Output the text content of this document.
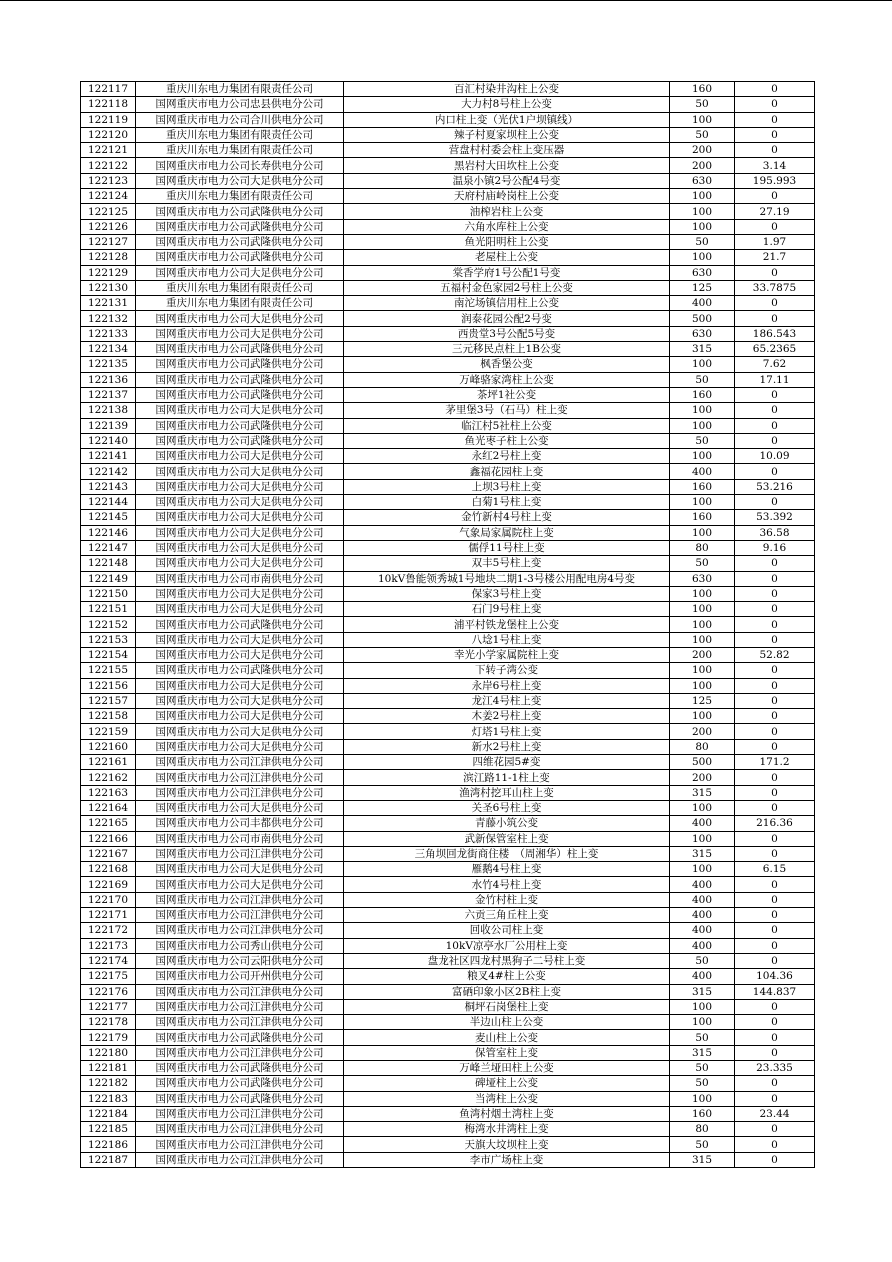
122117	重庆川东电力集团有限责任公司	百汇村染井沟柱上公变	160	0
122118	国网重庆市电力公司忠县供电分公司	大力村8号柱上公变	50	0
122119	国网重庆市电力公司合川供电分公司	内口柱上变（光伏1户坝镇线）	100	0
122120	重庆川东电力集团有限责任公司	辣子村夏家坝柱上公变	50	0
122121	重庆川东电力集团有限责任公司	营盘村村委会柱上变压器	200	0
122122	国网重庆市电力公司长寿供电分公司	黑岩村大田坎柱上公变	200	3.14
122123	国网重庆市电力公司大足供电分公司	温泉小镇2号公配4号变	630	195.993
122124	重庆川东电力集团有限责任公司	天府村庙岭岗柱上公变	100	0
122125	国网重庆市电力公司武隆供电分公司	油榨岩柱上公变	100	27.19
122126	国网重庆市电力公司武隆供电分公司	六角水库柱上公变	100	0
122127	国网重庆市电力公司武隆供电分公司	鱼光阳明柱上公变	50	1.97
122128	国网重庆市电力公司武隆供电分公司	老屋柱上公变	100	21.7
122129	国网重庆市电力公司大足供电分公司	棠香学府1号公配1号变	630	0
122130	重庆川东电力集团有限责任公司	五福村金色家园2号柱上公变	125	33.7875
122131	重庆川东电力集团有限责任公司	南沱场镇信用柱上公变	400	0
122132	国网重庆市电力公司大足供电分公司	润泰花园公配2号变	500	0
122133	国网重庆市电力公司大足供电分公司	西贵堂3号公配5号变	630	186.543
122134	国网重庆市电力公司武隆供电分公司	三元移民点柱上1B公变	315	65.2365
122135	国网重庆市电力公司武隆供电分公司	枫香堡公变	100	7.62
122136	国网重庆市电力公司武隆供电分公司	万峰骆家湾柱上公变	50	17.11
122137	国网重庆市电力公司武隆供电分公司	茶坪1社公变	160	0
122138	国网重庆市电力公司大足供电分公司	茅里堡3号（石马）柱上变	100	0
122139	国网重庆市电力公司武隆供电分公司	临江村5社柱上公变	100	0
122140	国网重庆市电力公司武隆供电分公司	鱼光枣子柱上公变	50	0
122141	国网重庆市电力公司大足供电分公司	永红2号柱上变	100	10.09
122142	国网重庆市电力公司大足供电分公司	鑫福花园柱上变	400	0
122143	国网重庆市电力公司大足供电分公司	上坝3号柱上变	160	53.216
122144	国网重庆市电力公司大足供电分公司	白菊1号柱上变	100	0
122145	国网重庆市电力公司大足供电分公司	金竹新村4号柱上变	160	53.392
122146	国网重庆市电力公司大足供电分公司	气象局家属院柱上变	100	36.58
122147	国网重庆市电力公司大足供电分公司	儒俘11号柱上变	80	9.16
122148	国网重庆市电力公司大足供电分公司	双丰5号柱上变	50	0
122149	国网重庆市电力公司市南供电分公司	10kV鲁能领秀城1号地块二期1-3号楼公用配电房4号变	630	0
122150	国网重庆市电力公司大足供电分公司	保家3号柱上变	100	0
122151	国网重庆市电力公司大足供电分公司	石门9号柱上变	100	0
122152	国网重庆市电力公司武隆供电分公司	浦平村铁龙堡柱上公变	100	0
122153	国网重庆市电力公司大足供电分公司	八埝1号柱上变	100	0
122154	国网重庆市电力公司大足供电分公司	幸光小学家属院柱上变	200	52.82
122155	国网重庆市电力公司武隆供电分公司	下转子湾公变	100	0
122156	国网重庆市电力公司大足供电分公司	永岸6号柱上变	100	0
122157	国网重庆市电力公司大足供电分公司	龙江4号柱上变	125	0
122158	国网重庆市电力公司大足供电分公司	木姜2号柱上变	100	0
122159	国网重庆市电力公司大足供电分公司	灯塔1号柱上变	200	0
122160	国网重庆市电力公司大足供电分公司	新水2号柱上变	80	0
122161	国网重庆市电力公司江津供电分公司	四维花园5#变	500	171.2
122162	国网重庆市电力公司江津供电分公司	滨江路11-1柱上变	200	0
122163	国网重庆市电力公司江津供电分公司	渔湾村挖耳山柱上变	315	0
122164	国网重庆市电力公司大足供电分公司	关圣6号柱上变	100	0
122165	国网重庆市电力公司丰都供电分公司	青藤小筑公变	400	216.36
122166	国网重庆市电力公司市南供电分公司	武新保管室柱上变	100	0
122167	国网重庆市电力公司江津供电分公司	三角坝回龙街商住楼　（周湘华）柱上变	315	0
122168	国网重庆市电力公司大足供电分公司	雁鹅4号柱上变	100	6.15
122169	国网重庆市电力公司大足供电分公司	水竹4号柱上变	400	0
122170	国网重庆市电力公司江津供电分公司	金竹村柱上变	400	0
122171	国网重庆市电力公司江津供电分公司	六贡三角丘柱上变	400	0
122172	国网重庆市电力公司江津供电分公司	回收公司柱上变	400	0
122173	国网重庆市电力公司秀山供电分公司	10kV凉亭水厂公用柱上变	400	0
122174	国网重庆市电力公司云阳供电分公司	盘龙社区四龙村黑狗子二号柱上变	50	0
122175	国网重庆市电力公司开州供电分公司	粮叉4#柱上公变	400	104.36
122176	国网重庆市电力公司江津供电分公司	富硒印象小区2B柱上变	315	144.837
122177	国网重庆市电力公司江津供电分公司	桐坪石岗堡柱上变	100	0
122178	国网重庆市电力公司江津供电分公司	半边山柱上公变	100	0
122179	国网重庆市电力公司武隆供电分公司	麦山柱上公变	50	0
122180	国网重庆市电力公司江津供电分公司	保管室柱上变	315	0
122181	国网重庆市电力公司武隆供电分公司	万峰兰垭田柱上公变	50	23.335
122182	国网重庆市电力公司武隆供电分公司	碑垭柱上公变	50	0
122183	国网重庆市电力公司武隆供电分公司	当湾柱上公变	100	0
122184	国网重庆市电力公司江津供电分公司	鱼湾村烟土湾柱上变	160	23.44
122185	国网重庆市电力公司江津供电分公司	梅湾水井湾柱上变	80	0
122186	国网重庆市电力公司江津供电分公司	天旗大坟坝柱上变	50	0
122187	国网重庆市电力公司江津供电分公司	李市广场柱上变	315	0
